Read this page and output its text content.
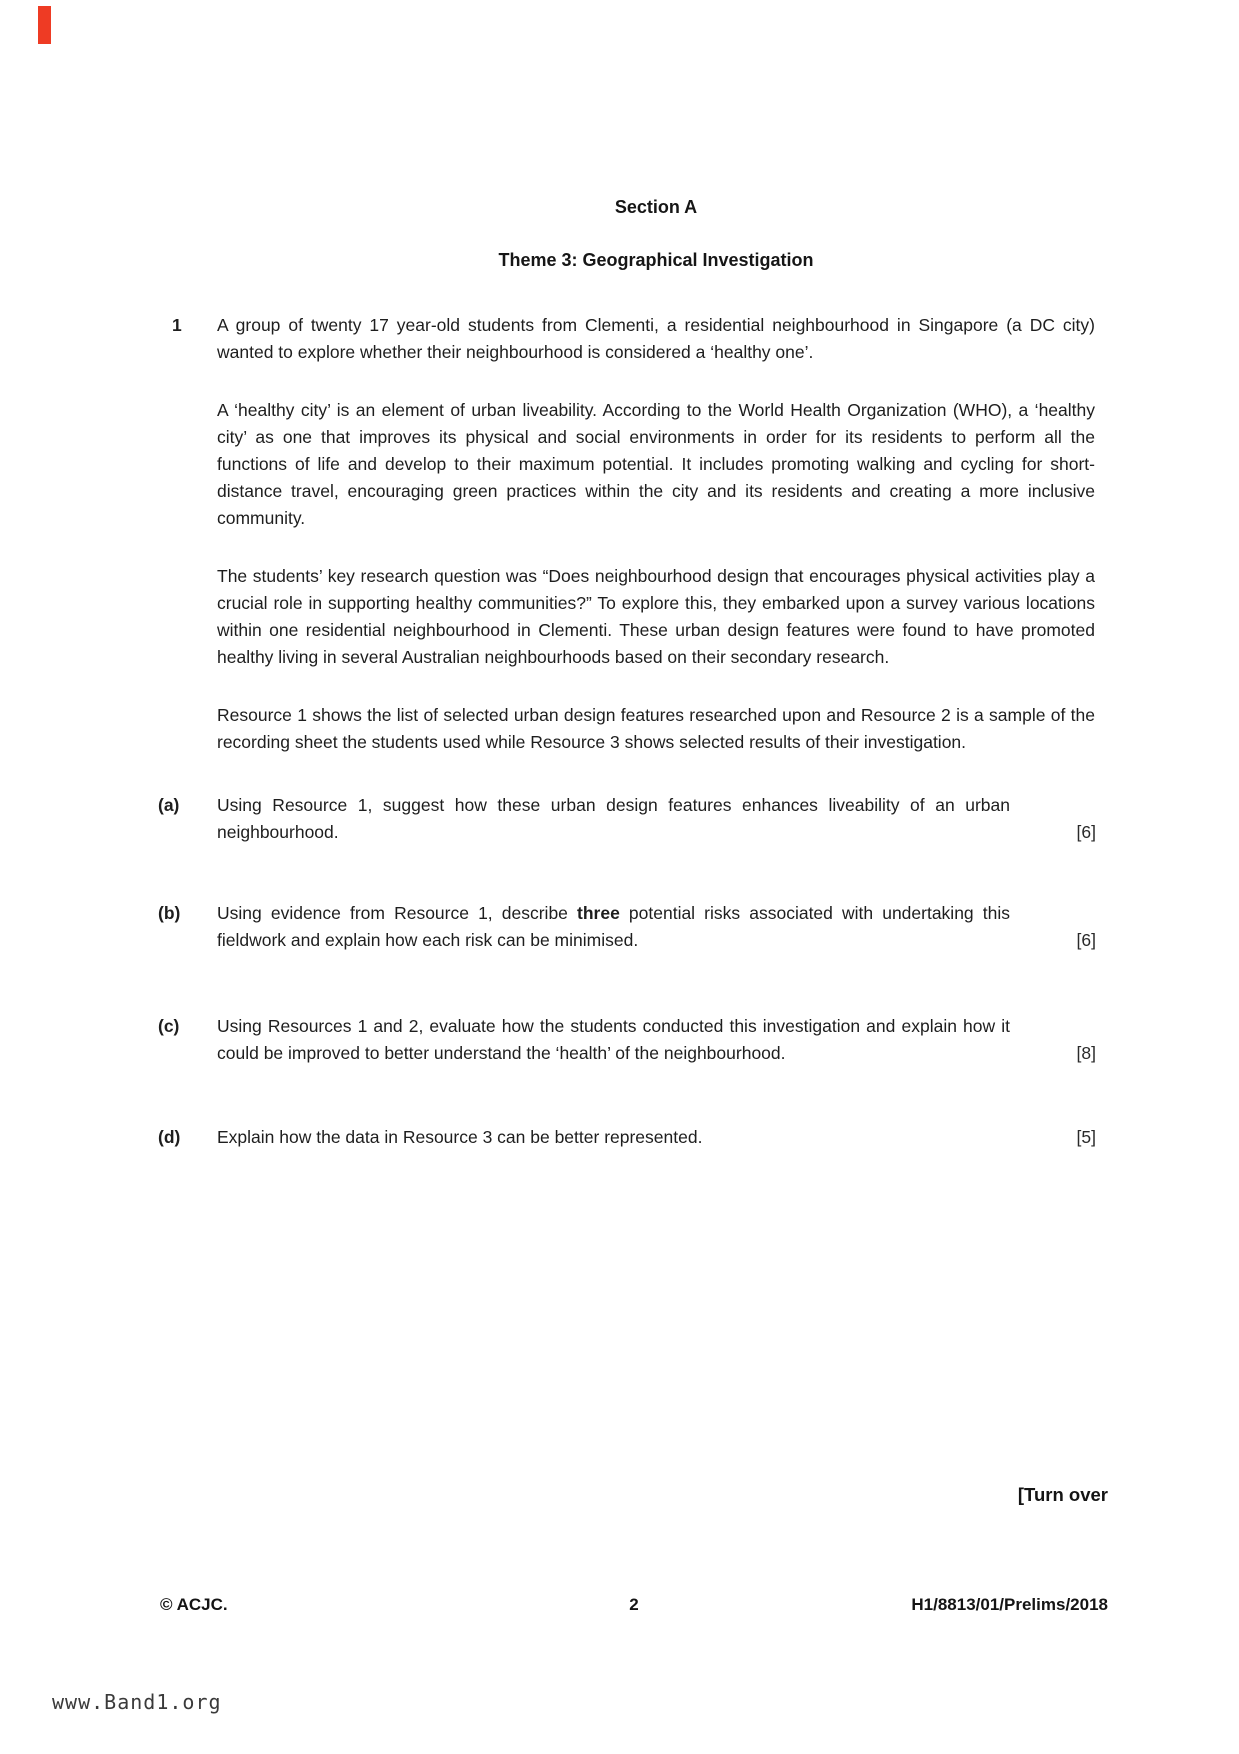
Section A
Theme 3: Geographical Investigation
1	A group of twenty 17 year-old students from Clementi, a residential neighbourhood in Singapore (a DC city) wanted to explore whether their neighbourhood is considered a ‘healthy one’.

A ‘healthy city’ is an element of urban liveability. According to the World Health Organization (WHO), a ‘healthy city’ as one that improves its physical and social environments in order for its residents to perform all the functions of life and develop to their maximum potential. It includes promoting walking and cycling for short-distance travel, encouraging green practices within the city and its residents and creating a more inclusive community.

The students’ key research question was “Does neighbourhood design that encourages physical activities play a crucial role in supporting healthy communities?” To explore this, they embarked upon a survey various locations within one residential neighbourhood in Clementi. These urban design features were found to have promoted healthy living in several Australian neighbourhoods based on their secondary research.

Resource 1 shows the list of selected urban design features researched upon and Resource 2 is a sample of the recording sheet the students used while Resource 3 shows selected results of their investigation.

(a)	Using Resource 1, suggest how these urban design features enhances liveability of an urban neighbourhood.	[6]
(b)	Using evidence from Resource 1, describe three potential risks associated with undertaking this fieldwork and explain how each risk can be minimised.	[6]
(c)	Using Resources 1 and 2, evaluate how the students conducted this investigation and explain how it could be improved to better understand the ‘health’ of the neighbourhood.	[8]
(d)	Explain how the data in Resource 3 can be better represented.	[5]
[Turn over
© ACJC.	2	H1/8813/01/Prelims/2018
www.Band1.org
